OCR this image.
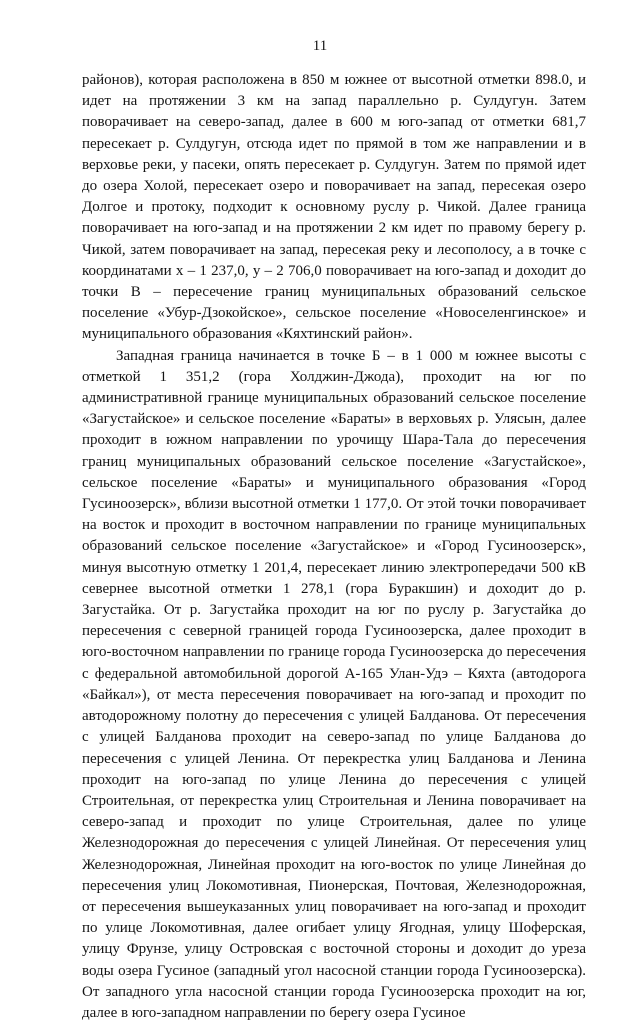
11

районов), которая расположена в 850 м южнее от высотной отметки 898.0, и идет на протяжении 3 км на запад параллельно р. Сулдугун. Затем поворачивает на северо-запад, далее в 600 м юго-запад от отметки 681,7 пересекает р. Сулдугун, отсюда идет по прямой в том же направлении и в верховье реки, у пасеки, опять пересекает р. Сулдугун. Затем по прямой идет до озера Холой, пересекает озеро и поворачивает на запад, пересекая озеро Долгое и протоку, подходит к основному руслу р. Чикой. Далее граница поворачивает на юго-запад и на протяжении 2 км идет по правому берегу р. Чикой, затем поворачивает на запад, пересекая реку и лесополосу, а в точке с координатами х – 1 237,0, у – 2 706,0 поворачивает на юго-запад и доходит до точки В – пересечение границ муниципальных образований сельское поселение «Убур-Дзокойское», сельское поселение «Новоселенгинское» и муниципального образования «Кяхтинский район».

Западная граница начинается в точке Б – в 1 000 м южнее высоты с отметкой 1 351,2 (гора Холджин-Джода), проходит на юг по административной границе муниципальных образований сельское поселение «Загустайское» и сельское поселение «Бараты» в верховьях р. Улясын, далее проходит в южном направлении по урочищу Шара-Тала до пересечения границ муниципальных образований сельское поселение «Загустайское», сельское поселение «Бараты» и муниципального образования «Город Гусиноозерск», вблизи высотной отметки 1 177,0. От этой точки поворачивает на восток и проходит в восточном направлении по границе муниципальных образований сельское поселение «Загустайское» и «Город Гусиноозерск», минуя высотную отметку 1 201,4, пересекает линию электропередачи 500 кВ севернее высотной отметки 1 278,1 (гора Буракшин) и доходит до р. Загустайка. От р. Загустайка проходит на юг по руслу р. Загустайка до пересечения с северной границей города Гусиноозерска, далее проходит в юго-восточном направлении по границе города Гусиноозерска до пересечения с федеральной автомобильной дорогой А-165 Улан-Удэ – Кяхта (автодорога «Байкал»), от места пересечения поворачивает на юго-запад и проходит по автодорожному полотну до пересечения с улицей Балданова. От пересечения с улицей Балданова проходит на северо-запад по улице Балданова до пересечения с улицей Ленина. От перекрестка улиц Балданова и Ленина проходит на юго-запад по улице Ленина до пересечения с улицей Строительная, от перекрестка улиц Строительная и Ленина поворачивает на северо-запад и проходит по улице Строительная, далее по улице Железнодорожная до пересечения с улицей Линейная. От пересечения улиц Железнодорожная, Линейная проходит на юго-восток по улице Линейная до пересечения улиц Локомотивная, Пионерская, Почтовая, Железнодорожная, от пересечения вышеуказанных улиц поворачивает на юго-запад и проходит по улице Локомотивная, далее огибает улицу Ягодная, улицу Шоферская, улицу Фрунзе, улицу Островская с восточной стороны и доходит до уреза воды озера Гусиное (западный угол насосной станции города Гусиноозерска). От западного угла насосной станции города Гусиноозерска проходит на юг, далее в юго-западном направлении по берегу озера Гусиное
